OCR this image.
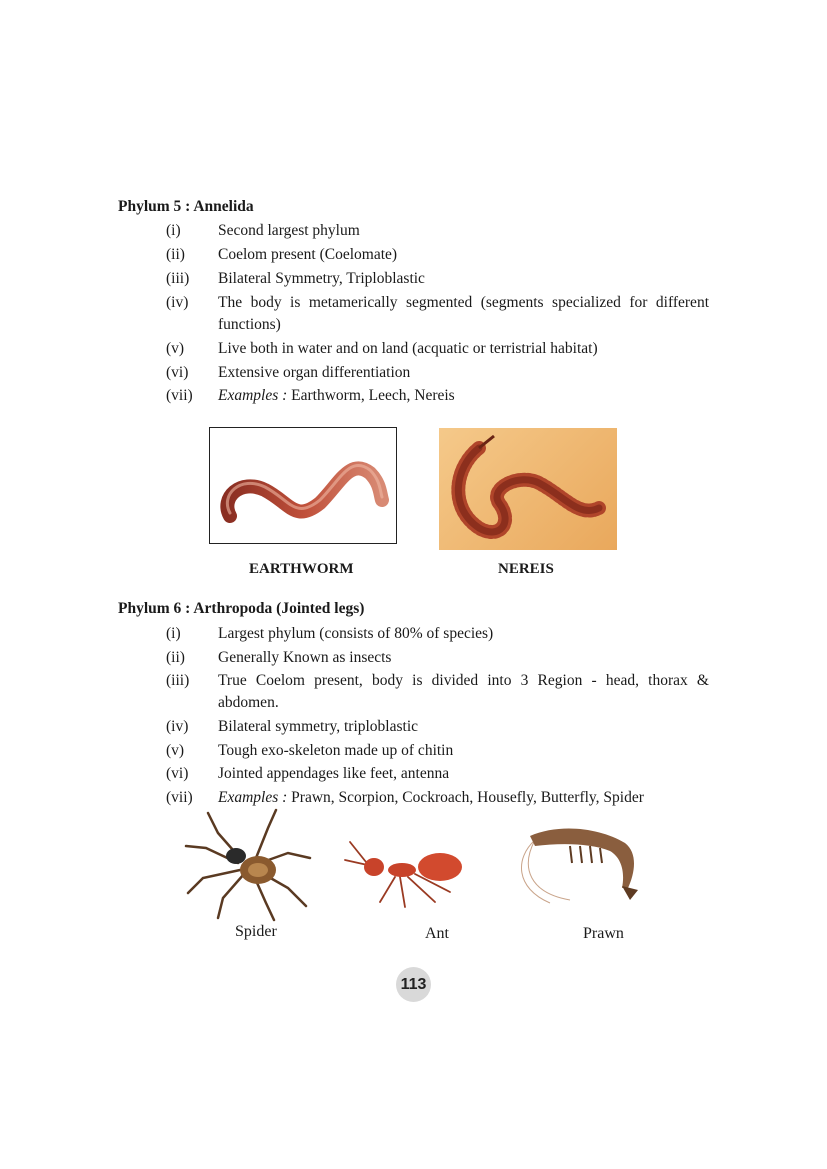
Phylum 5 : Annelida
(i) Second largest phylum
(ii) Coelom present (Coelomate)
(iii) Bilateral Symmetry, Triploblastic
(iv) The body is metamerically segmented (segments specialized for different functions)
(v) Live both in water and on land (acquatic or terristrial habitat)
(vi) Extensive organ differentiation
(vii) Examples : Earthworm, Leech, Nereis
EARTHWORM	NEREIS
Phylum 6 : Arthropoda (Jointed legs)
(i) Largest phylum (consists of 80% of species)
(ii) Generally Known as insects
(iii) True Coelom present, body is divided into 3 Region - head, thorax & abdomen.
(iv) Bilateral symmetry, triploblastic
(v) Tough exo-skeleton made up of chitin
(vi) Jointed appendages like feet, antenna
(vii) Examples : Prawn, Scorpion, Cockroach, Housefly, Butterfly, Spider
Spider	Ant	Prawn
113
